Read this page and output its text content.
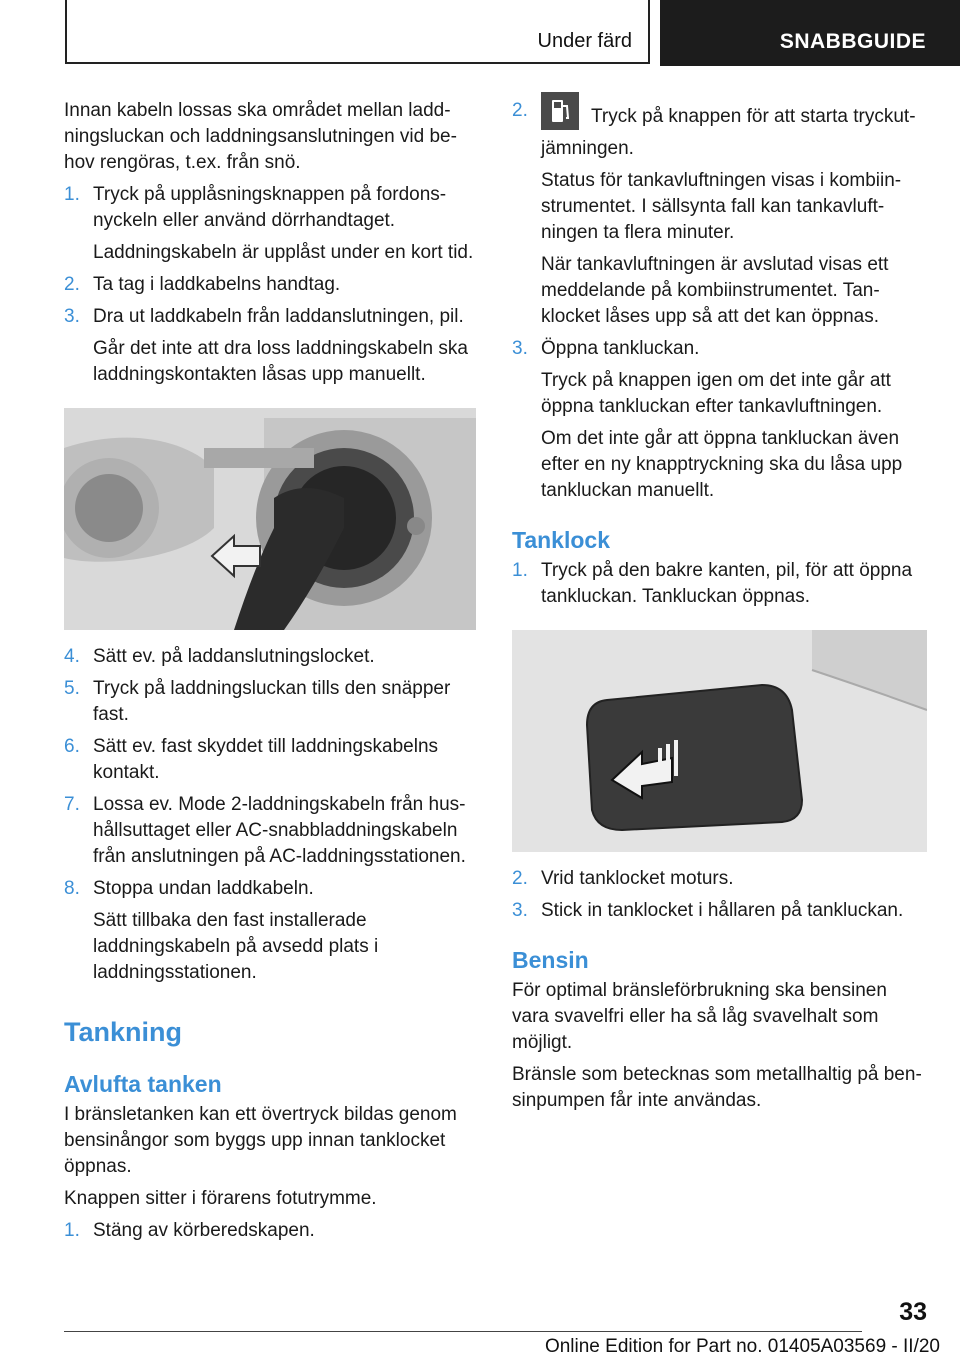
Under färd	SNABBGUIDE

Innan kabeln lossas ska området mellan laddningsluckan och laddningsanslutningen vid behov rengöras, t.ex. från snö.

1. Tryck på upplåsningsknappen på fordonsnyckeln eller använd dörrhandtaget.

Laddningskabeln är upplåst under en kort tid.

2. Ta tag i laddkabelns handtag.
3. Dra ut laddkabeln från laddanslutningen, pil.

Går det inte att dra loss laddningskabeln ska laddningskontakten låsas upp manuellt.

4. Sätt ev. på laddanslutningslocket.
5. Tryck på laddningsluckan tills den snäpper fast.
6. Sätt ev. fast skyddet till laddningskabelns kontakt.
7. Lossa ev. Mode 2-laddningskabeln från hushållsuttaget eller AC-snabbladdningskabeln från anslutningen på AC-laddningsstationen.
8. Stoppa undan laddkabeln.

Sätt tillbaka den fast installerade laddningskabeln på avsedd plats i laddningsstationen.

Tankning
Avlufta tanken

I bränsletanken kan ett övertryck bildas genom bensinångor som byggs upp innan tanklocket öppnas.

Knappen sitter i förarens fotutrymme.

1. Stäng av körberedskapen.
2.	Tryck på knappen för att starta tryckutjämningen.

Status för tankavluftningen visas i kombiinstrumentet. I sällsynta fall kan tankavluftningen ta flera minuter.

När tankavluftningen är avslutad visas ett meddelande på kombiinstrumentet. Tanklocket låses upp så att det kan öppnas.

3. Öppna tankluckan.

Tryck på knappen igen om det inte går att öppna tankluckan efter tankavluftningen.

Om det inte går att öppna tankluckan även efter en ny knapptryckning ska du låsa upp tankluckan manuellt.

Tanklock
1. Tryck på den bakre kanten, pil, för att öppna tankluckan. Tankluckan öppnas.
2. Vrid tanklocket moturs.
3. Stick in tanklocket i hållaren på tankluckan.
Bensin

För optimal bränsleförbrukning ska bensinen vara svavelfri eller ha så låg svavelhalt som möjligt.

Bränsle som betecknas som metallhaltig på bensinpumpen får inte användas.

33
Online Edition for Part no. 01405A03569 - II/20
